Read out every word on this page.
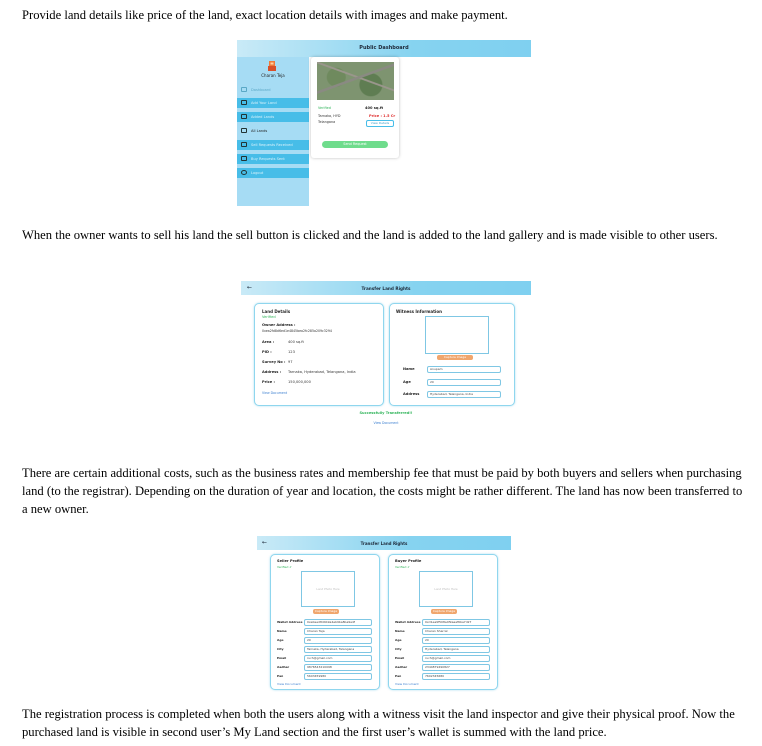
Provide land details like price of the land, exact location details with images and make payment.

Public Dashboard
Charan Teja
Dashboard
Add Your Land
Added Lands
All Lands
Sell Requests Received
Buy Requests Sent
Logout
Verified	400 sq.ft
Tarnaka, HYD
Telangana
Price : 1.5 Cr
View Details
Send Request

When the owner wants to sell his land the sell button is clicked and the land is added to the land gallery and is made visible to other users.

←	Transfer Land Rights
Land Details
Verified
Owner Address :
0xea2fd8d6ed1e4845bea2fc285a209c3294
Area :	400 sq.ft
PID :	123
Survey No : 97
Address : Tarnaka, Hyderabad, Telangana, India
Price :	150,000,000
View Document
Witness Information
Capture Image
Name	Anupam
Age	20
Address	Hyderabad, Telangana, India
Successfully Transferred!!
View Document

There are certain additional costs, such as the business rates and membership fee that must be paid by both buyers and sellers when purchasing land (to the registrar). Depending on the duration of year and location, the costs might be rather different. The land has now been transferred to a new owner.

←	Transfer Land Rights
Seller Profile
Verified ✔
Land Photo Here
Capture Image
Wallet Address	0xe0eed8d4b9a4eb9ba8ba9a4f
Name	Charan Teja
Age	20
City	Tarnaka, Hyderabad, Telangana
Email	ruch@gmail.com
Aadhar	9876543210098
Pan	5603459980
View Document
Buyer Profile
Verified ✔
Land Photo Here
Capture Image
Wallet Address	0xd1ea9f508a4f9aaaf6ba7d27
Name	Charan Sharral
Age	20
City	Hyderabad, Telangana
Email	ruch@gmail.com
Aadhar	2344879490827
Pan	7602345680
View Document

The registration process is completed when both the users along with a witness visit the land inspector and give their physical proof. Now the purchased land is visible in second user’s My Land section and the first user’s wallet is summed with the land price.
